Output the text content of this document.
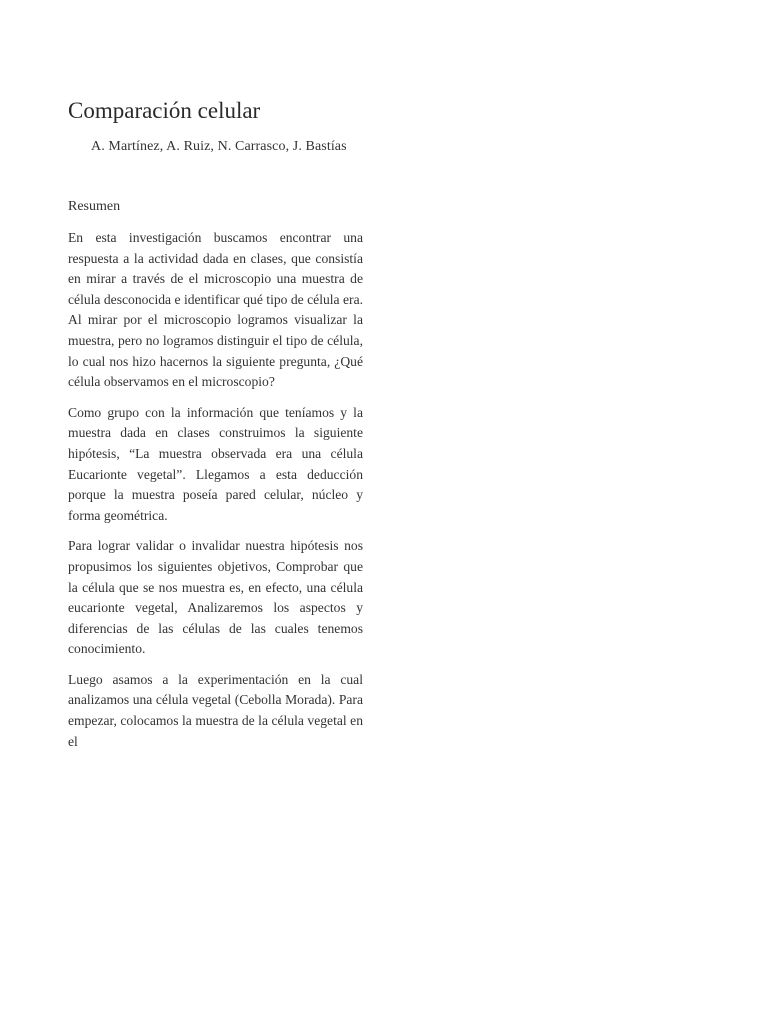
Comparación celular

A. Martínez, A. Ruiz, N. Carrasco, J. Bastías

Resumen

En esta investigación buscamos encontrar una respuesta a la actividad dada en clases, que consistía en mirar a través de el microscopio una muestra de célula desconocida e identificar qué tipo de célula era. Al mirar por el microscopio logramos visualizar la muestra, pero no logramos distinguir el tipo de célula, lo cual nos hizo hacernos la siguiente pregunta, ¿Qué célula observamos en el microscopio?

Como grupo con la información que teníamos y la muestra dada en clases construimos la siguiente hipótesis, “La muestra observada era una célula Eucarionte vegetal”. Llegamos a esta deducción porque la muestra poseía pared celular, núcleo y forma geométrica.

Para lograr validar o invalidar nuestra hipótesis nos propusimos los siguientes objetivos, Comprobar que la célula que se nos muestra es, en efecto, una célula eucarionte vegetal, Analizaremos los aspectos y diferencias de las células de las cuales tenemos conocimiento.

Luego asamos a la experimentación en la cual analizamos una célula vegetal (Cebolla Morada). Para empezar, colocamos la muestra de la célula vegetal en el
